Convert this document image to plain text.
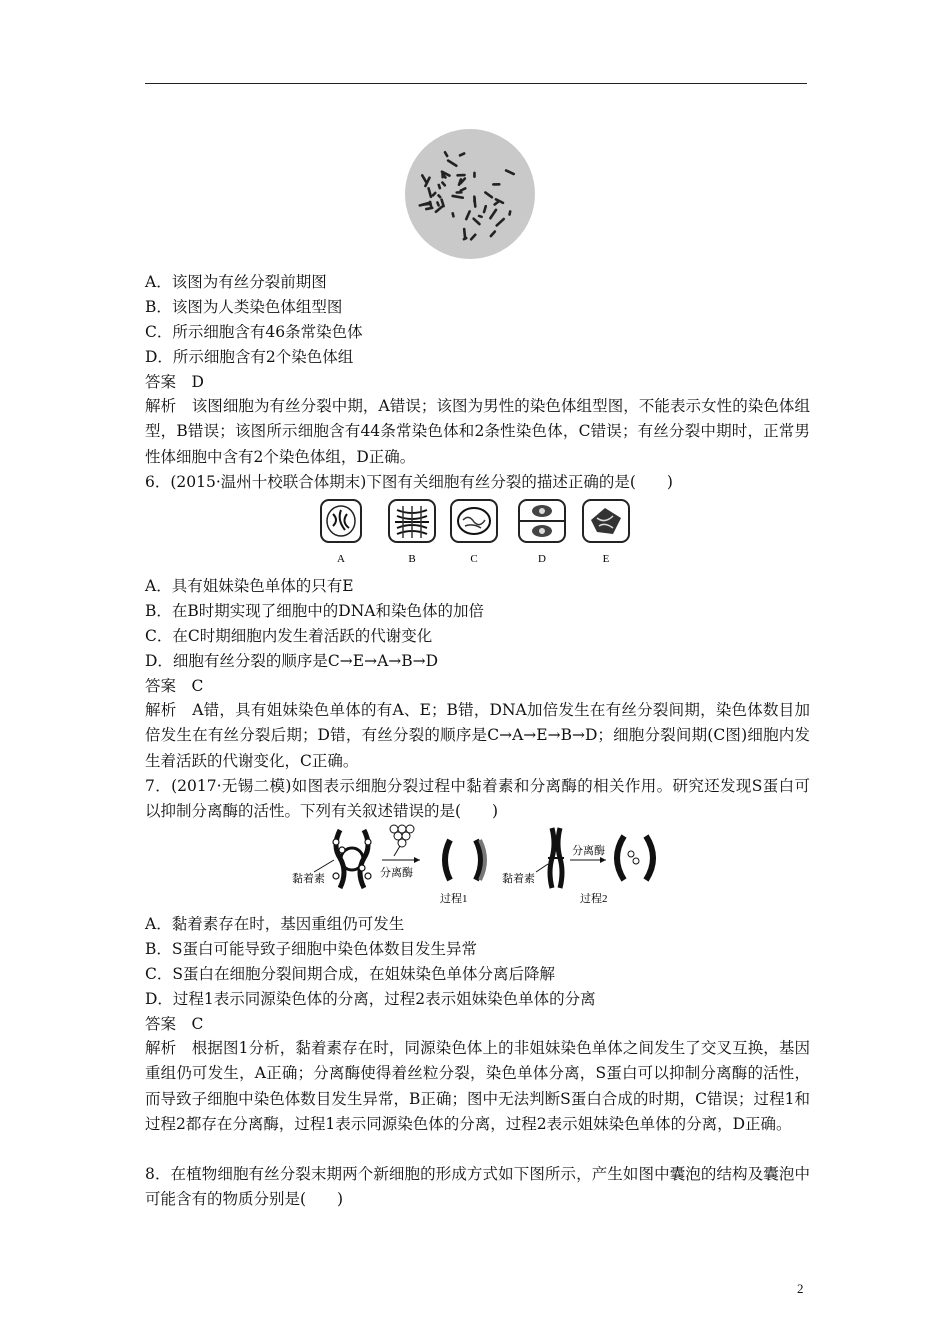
A．该图为有丝分裂前期图
B．该图为人类染色体组型图
C．所示细胞含有46条常染色体
D．所示细胞含有2个染色体组
答案　D
解析　该图细胞为有丝分裂中期，A错误；该图为男性的染色体组型图，不能表示女性的染色体组型，B错误；该图所示细胞含有44条常染色体和2条性染色体，C错误；有丝分裂中期时，正常男性体细胞中含有2个染色体组，D正确。
6．(2015·温州十校联合体期末)下图有关细胞有丝分裂的描述正确的是(　　)
A	B	C	D	E
A．具有姐妹染色单体的只有E
B．在B时期实现了细胞中的DNA和染色体的加倍
C．在C时期细胞内发生着活跃的代谢变化
D．细胞有丝分裂的顺序是C→E→A→B→D
答案　C
解析　A错，具有姐妹染色单体的有A、E；B错，DNA加倍发生在有丝分裂间期，染色体数目加倍发生在有丝分裂后期；D错，有丝分裂的顺序是C→A→E→B→D；细胞分裂间期(C图)细胞内发生着活跃的代谢变化，C正确。
7．(2017·无锡二模)如图表示细胞分裂过程中黏着素和分离酶的相关作用。研究还发现S蛋白可以抑制分离酶的活性。下列有关叙述错误的是(　　)
黏着素	分离酶
过程1
黏着素
分离酶
过程2
A．黏着素存在时，基因重组仍可发生
B．S蛋白可能导致子细胞中染色体数目发生异常
C．S蛋白在细胞分裂间期合成，在姐妹染色单体分离后降解
D．过程1表示同源染色体的分离，过程2表示姐妹染色单体的分离
答案　C
解析　根据图1分析，黏着素存在时，同源染色体上的非姐妹染色单体之间发生了交叉互换，基因重组仍可发生，A正确；分离酶使得着丝粒分裂，染色单体分离，S蛋白可以抑制分离酶的活性，而导致子细胞中染色体数目发生异常，B正确；图中无法判断S蛋白合成的时期，C错误；过程1和过程2都存在分离酶，过程1表示同源染色体的分离，过程2表示姐妹染色单体的分离，D正确。
8．在植物细胞有丝分裂末期两个新细胞的形成方式如下图所示，产生如图中囊泡的结构及囊泡中可能含有的物质分别是(　　)
2
